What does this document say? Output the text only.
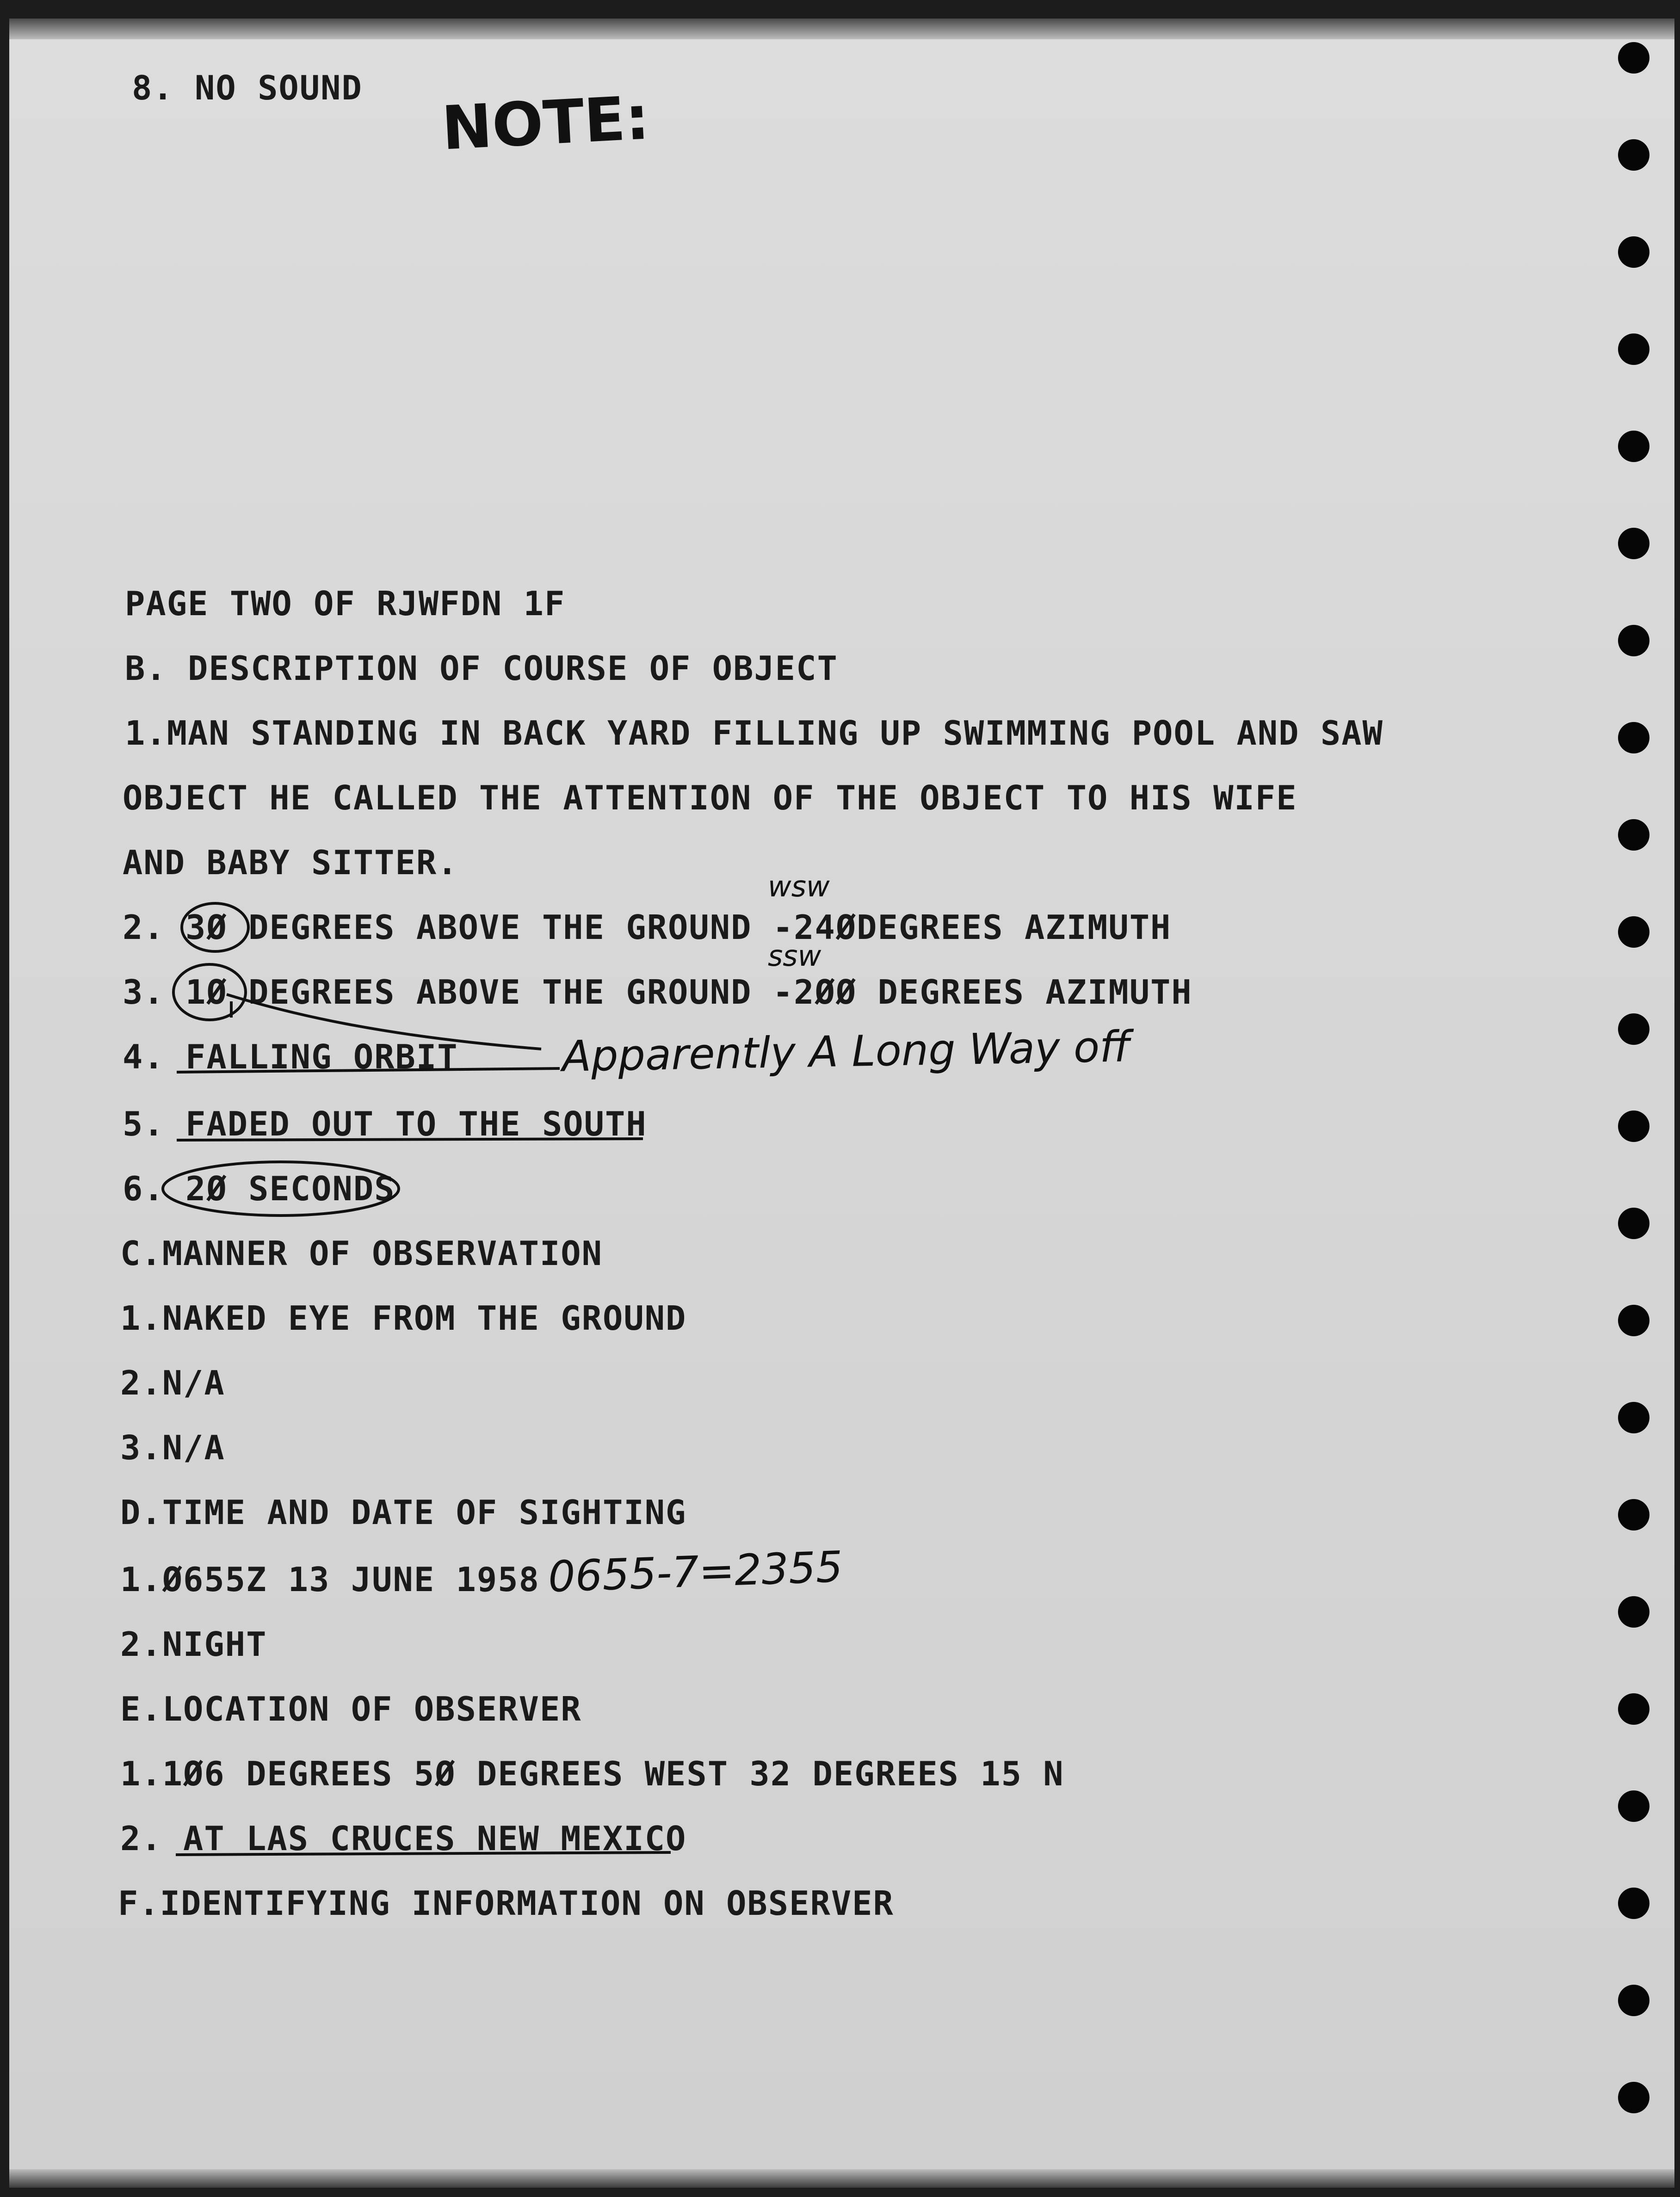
8. NO SOUND
PAGE TWO OF RJWFDN 1F
B. DESCRIPTION OF COURSE OF OBJECT
1.MAN STANDING IN BACK YARD FILLING UP SWIMMING POOL AND SAW
OBJECT HE CALLED THE ATTENTION OF THE OBJECT TO HIS WIFE
AND BABY SITTER.
2. 3Ø DEGREES ABOVE THE GROUND -24ØDEGREES AZIMUTH
3. 1Ø DEGREES ABOVE THE GROUND -2ØØ DEGREES AZIMUTH
4. FALLING ORBIT
5. FADED OUT TO THE SOUTH
6. 2Ø SECONDS
C.MANNER OF OBSERVATION
1.NAKED EYE FROM THE GROUND
2.N/A
3.N/A
D.TIME AND DATE OF SIGHTING
1.Ø655Z 13 JUNE 1958
2.NIGHT
E.LOCATION OF OBSERVER
1.1Ø6 DEGREES 5Ø DEGREES WEST 32 DEGREES 15 N
2. AT LAS CRUCES NEW MEXICO
F.IDENTIFYING INFORMATION ON OBSERVER
NOTE:
wsw
ssw
Apparently A Long Way off
0655-7=2355
